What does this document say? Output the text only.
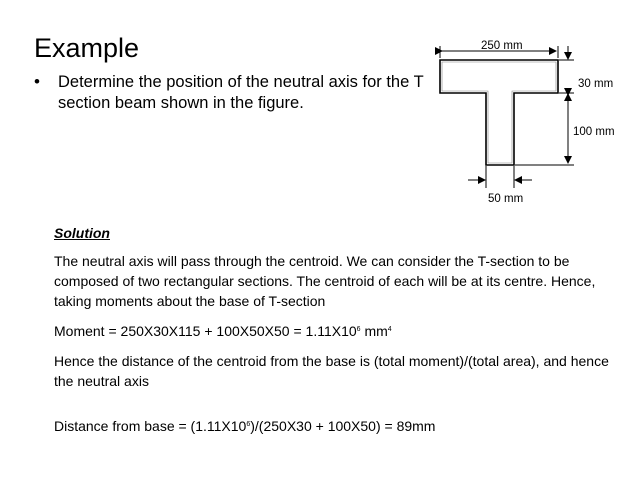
Example
• Determine the position of the neutral axis for the T section beam shown in the figure.
250 mm
30 mm
100 mm
50 mm
Solution

The neutral axis will pass through the centroid. We can consider the T-section to be composed of two rectangular sections. The centroid of each will be at its centre. Hence, taking moments about the base of T-section

Moment = $250X30X115 + 100X50X50 = 1.11X10^6$ $mm^4$

Hence the distance of the centroid from the base is (total moment)/(total area), and hence the neutral axis

Distance from base = $(1.11X10^6)/(250X30 + 100X50) = 89mm$
